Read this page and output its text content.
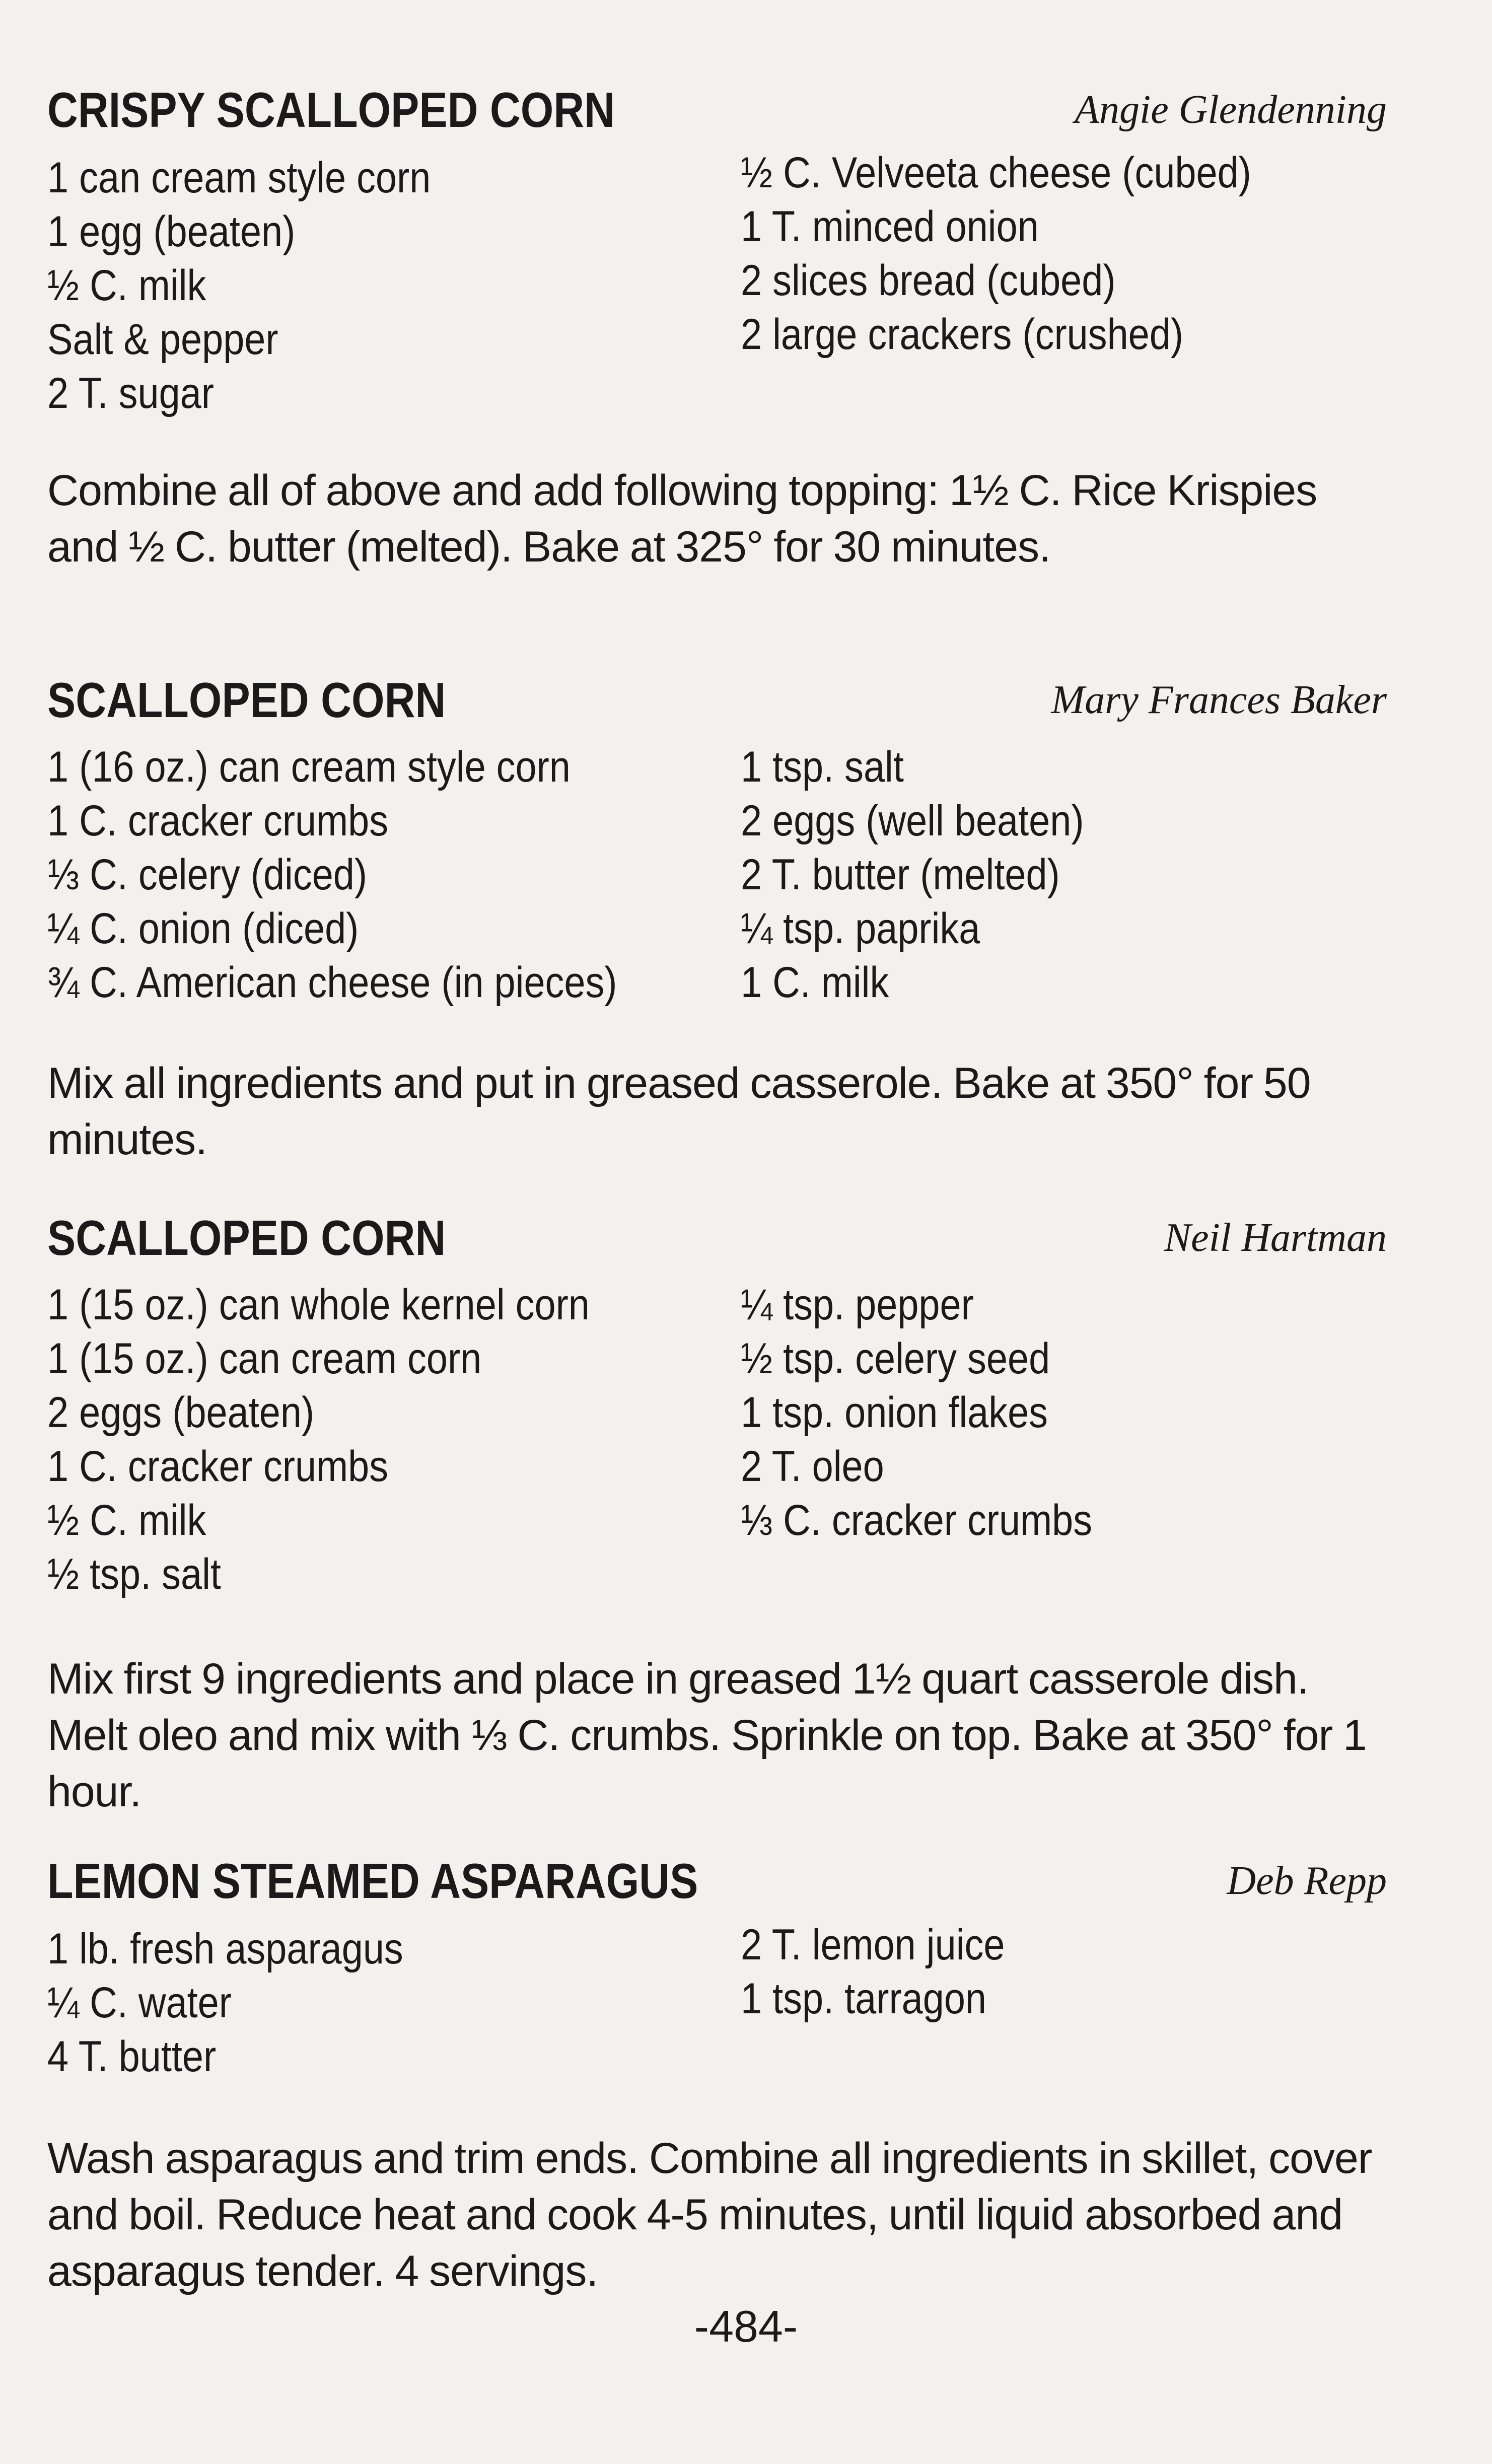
CRISPY SCALLOPED CORN	Angie Glendenning
1 can cream style corn
1 egg (beaten)
½ C. milk
Salt & pepper
2 T. sugar
½ C. Velveeta cheese (cubed)
1 T. minced onion
2 slices bread (cubed)
2 large crackers (crushed)
Combine all of above and add following topping: 1½ C. Rice Krispies and ½ C. butter (melted). Bake at 325° for 30 minutes.
SCALLOPED CORN	Mary Frances Baker
1 (16 oz.) can cream style corn
1 C. cracker crumbs
⅓ C. celery (diced)
¼ C. onion (diced)
¾ C. American cheese (in pieces)
1 tsp. salt
2 eggs (well beaten)
2 T. butter (melted)
¼ tsp. paprika
1 C. milk
Mix all ingredients and put in greased casserole. Bake at 350° for 50 minutes.
SCALLOPED CORN	Neil Hartman
1 (15 oz.) can whole kernel corn
1 (15 oz.) can cream corn
2 eggs (beaten)
1 C. cracker crumbs
½ C. milk
½ tsp. salt
¼ tsp. pepper
½ tsp. celery seed
1 tsp. onion flakes
2 T. oleo
⅓ C. cracker crumbs
Mix first 9 ingredients and place in greased 1½ quart casserole dish. Melt oleo and mix with ⅓ C. crumbs. Sprinkle on top. Bake at 350° for 1 hour.
LEMON STEAMED ASPARAGUS	Deb Repp
1 lb. fresh asparagus
¼ C. water
4 T. butter
2 T. lemon juice
1 tsp. tarragon
Wash asparagus and trim ends. Combine all ingredients in skillet, cover and boil. Reduce heat and cook 4-5 minutes, until liquid absorbed and asparagus tender. 4 servings.
-484-
